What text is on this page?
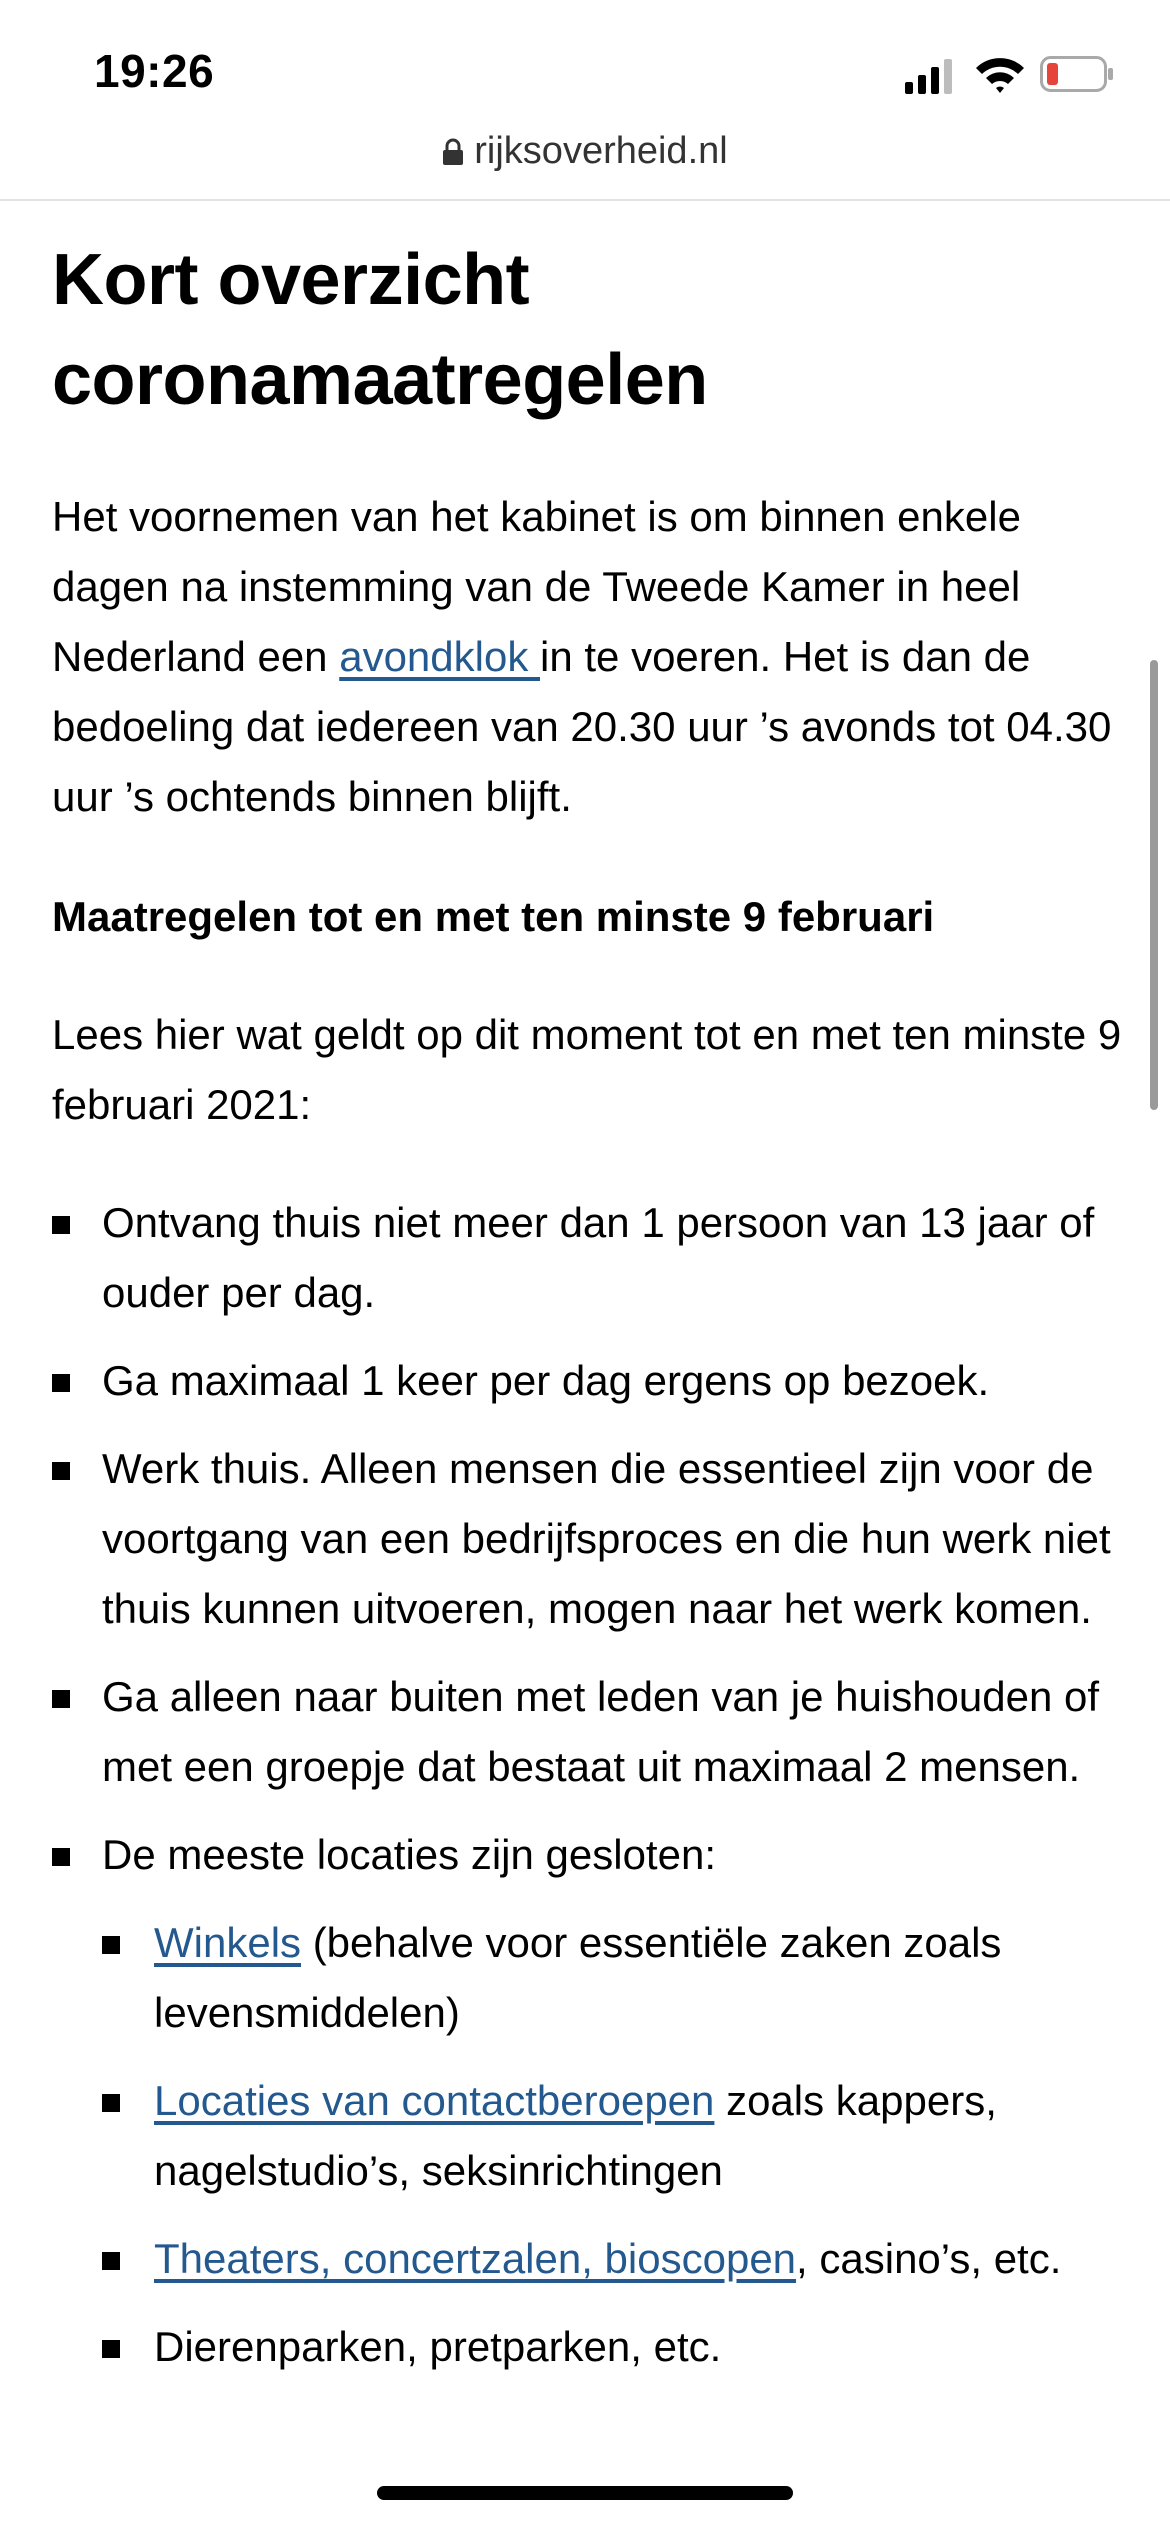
19:26
rijksoverheid.nl
Kort overzicht
coronamaatregelen

Het voornemen van het kabinet is om binnen enkele dagen na instemming van de Tweede Kamer in heel Nederland een avondklok in te voeren. Het is dan de bedoeling dat iedereen van 20.30 uur ’s avonds tot 04.30 uur ’s ochtends binnen blijft.

Maatregelen tot en met ten minste 9 februari

Lees hier wat geldt op dit moment tot en met ten minste 9 februari 2021:

Ontvang thuis niet meer dan 1 persoon van 13 jaar of ouder per dag.
Ga maximaal 1 keer per dag ergens op bezoek.
Werk thuis. Alleen mensen die essentieel zijn voor de voortgang van een bedrijfsproces en die hun werk niet thuis kunnen uitvoeren, mogen naar het werk komen.
Ga alleen naar buiten met leden van je huishouden of met een groepje dat bestaat uit maximaal 2 mensen.
De meeste locaties zijn gesloten:
Winkels (behalve voor essentiële zaken zoals levensmiddelen)
Locaties van contactberoepen zoals kappers, nagelstudio’s, seksinrichtingen
Theaters, concertzalen, bioscopen, casino’s, etc.
Dierenparken, pretparken, etc.
